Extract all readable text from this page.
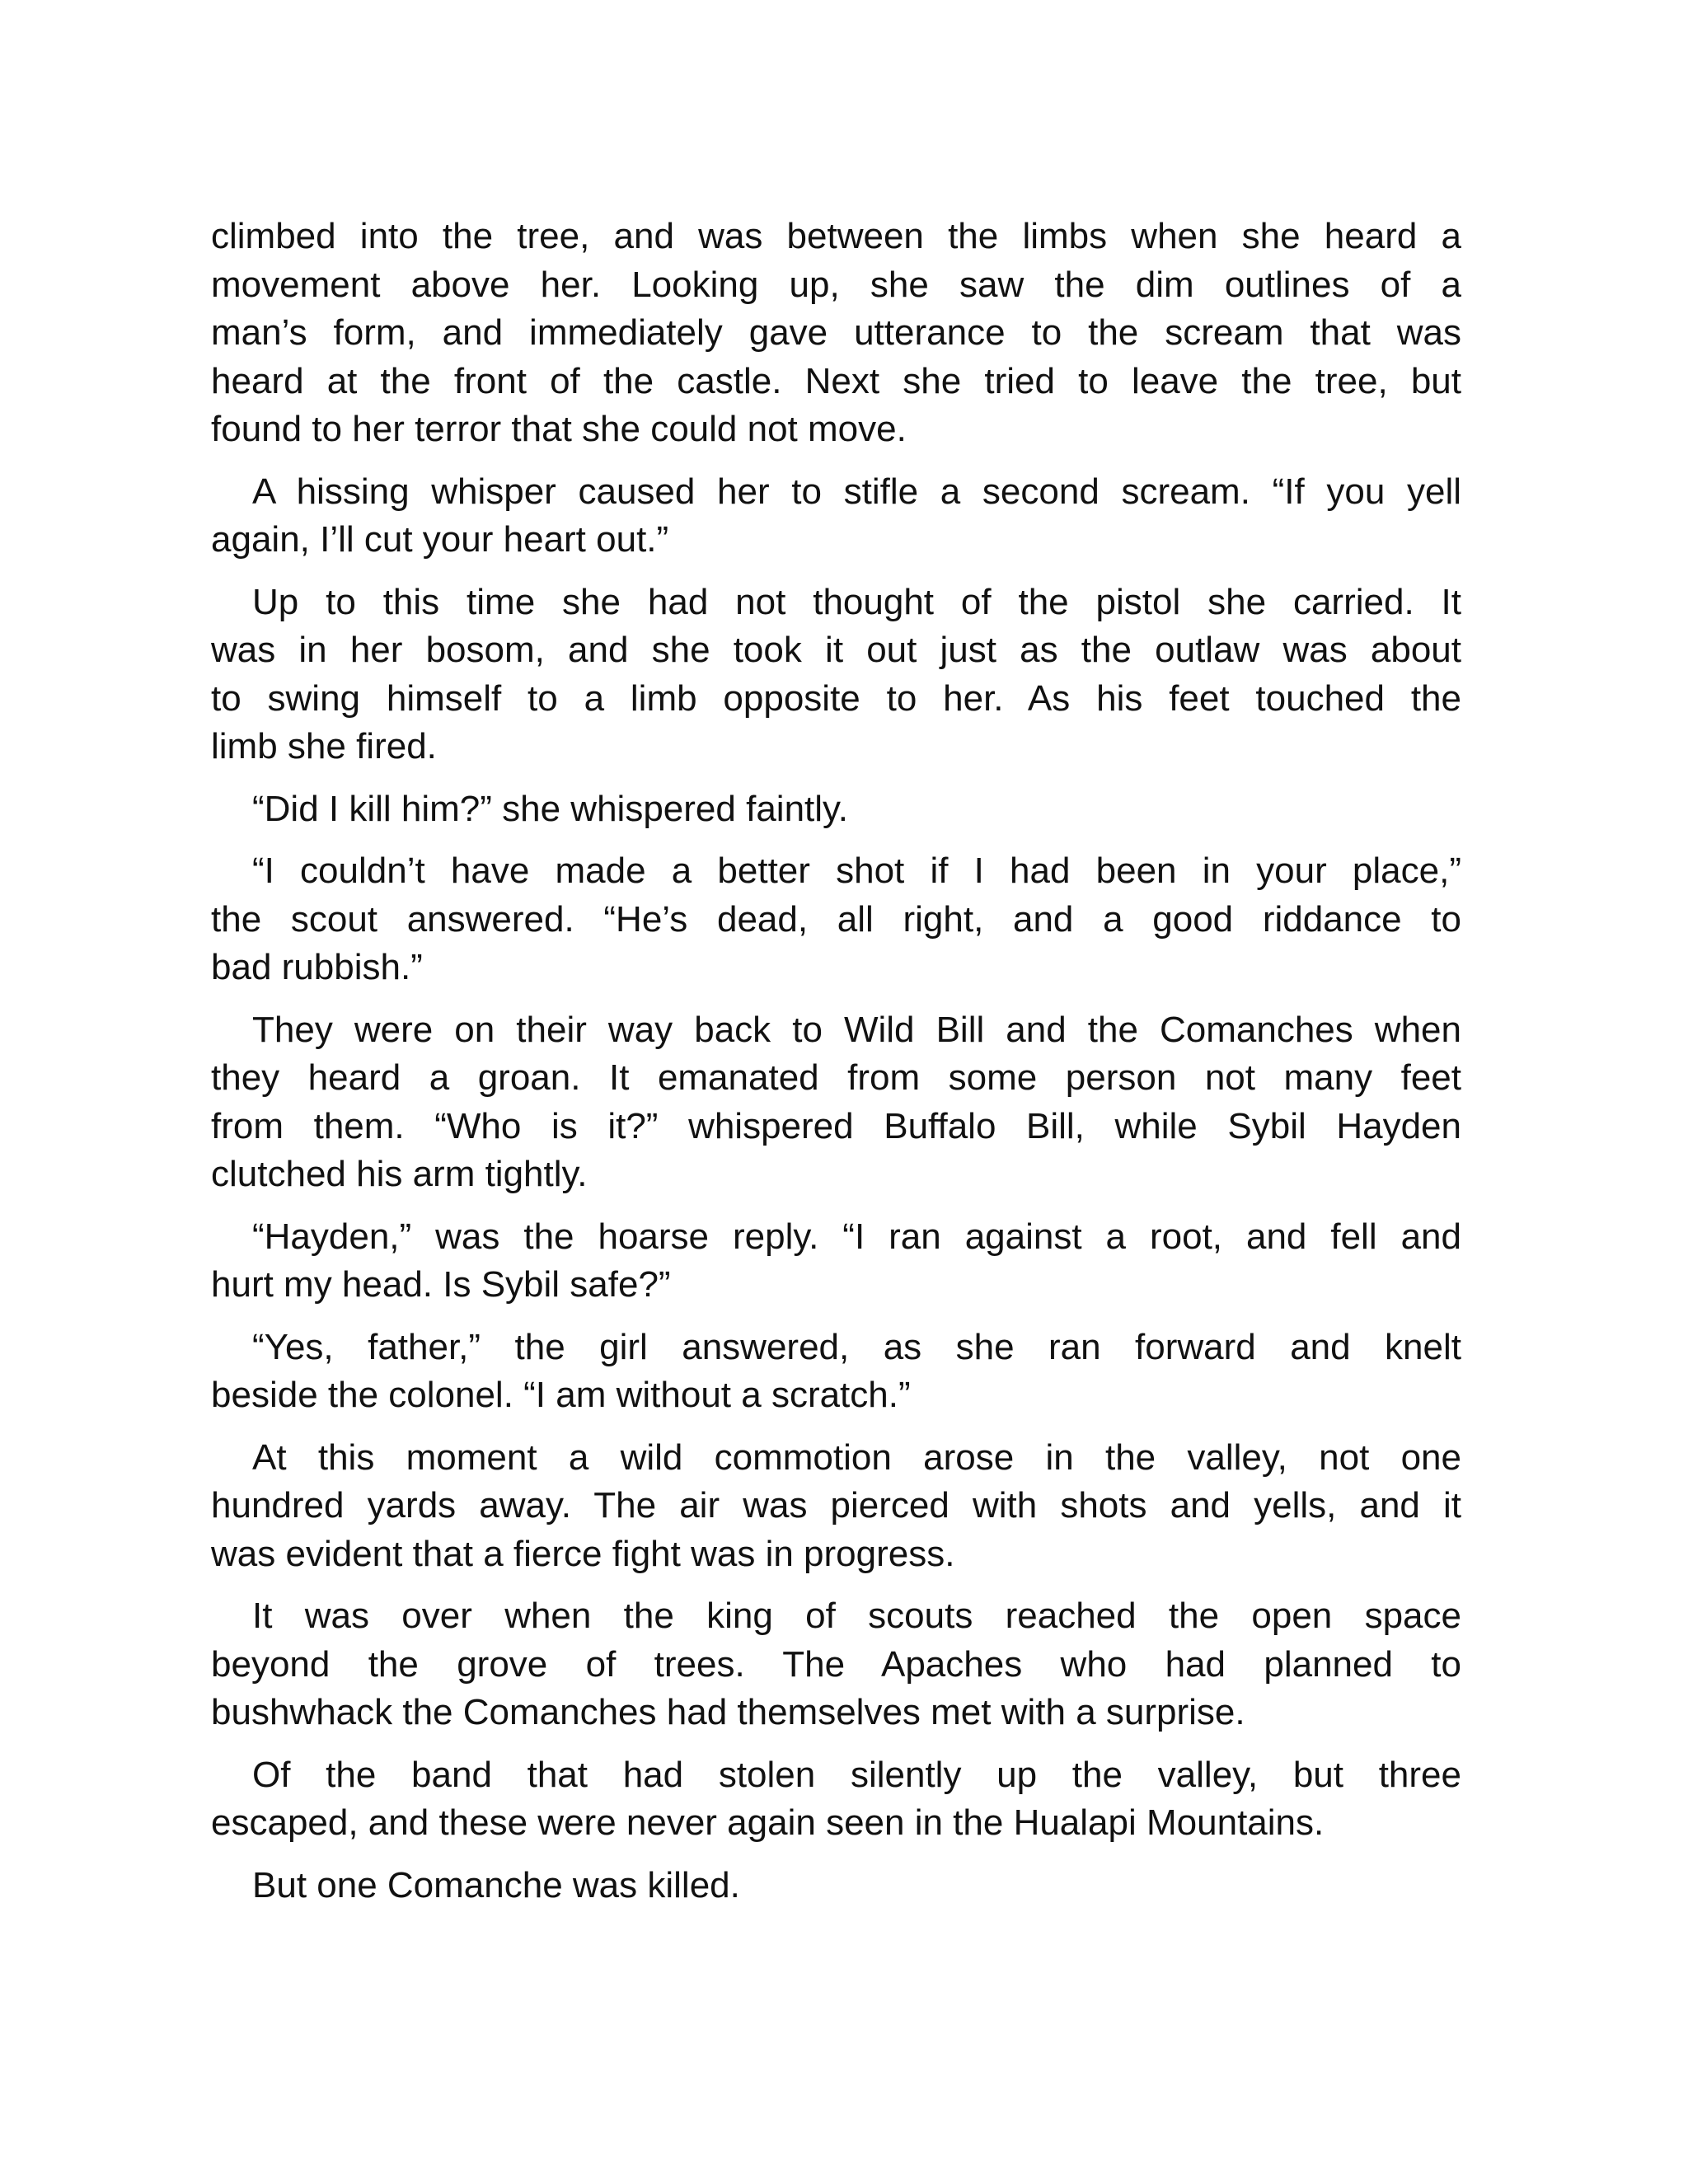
climbed into the tree, and was between the limbs when she heard a
movement above her. Looking up, she saw the dim outlines of a
man’s form, and immediately gave utterance to the scream that was
heard at the front of the castle. Next she tried to leave the tree, but
found to her terror that she could not move.
A hissing whisper caused her to stifle a second scream. “If you yell
again, I’ll cut your heart out.”
Up to this time she had not thought of the pistol she carried. It
was in her bosom, and she took it out just as the outlaw was about
to swing himself to a limb opposite to her. As his feet touched the
limb she fired.
“Did I kill him?” she whispered faintly.
“I couldn’t have made a better shot if I had been in your place,”
the scout answered. “He’s dead, all right, and a good riddance to
bad rubbish.”
They were on their way back to Wild Bill and the Comanches when
they heard a groan. It emanated from some person not many feet
from them. “Who is it?” whispered Buffalo Bill, while Sybil Hayden
clutched his arm tightly.
“Hayden,” was the hoarse reply. “I ran against a root, and fell and
hurt my head. Is Sybil safe?”
“Yes, father,” the girl answered, as she ran forward and knelt
beside the colonel. “I am without a scratch.”
At this moment a wild commotion arose in the valley, not one
hundred yards away. The air was pierced with shots and yells, and it
was evident that a fierce fight was in progress.
It was over when the king of scouts reached the open space
beyond the grove of trees. The Apaches who had planned to
bushwhack the Comanches had themselves met with a surprise.
Of the band that had stolen silently up the valley, but three
escaped, and these were never again seen in the Hualapi Mountains.
But one Comanche was killed.
